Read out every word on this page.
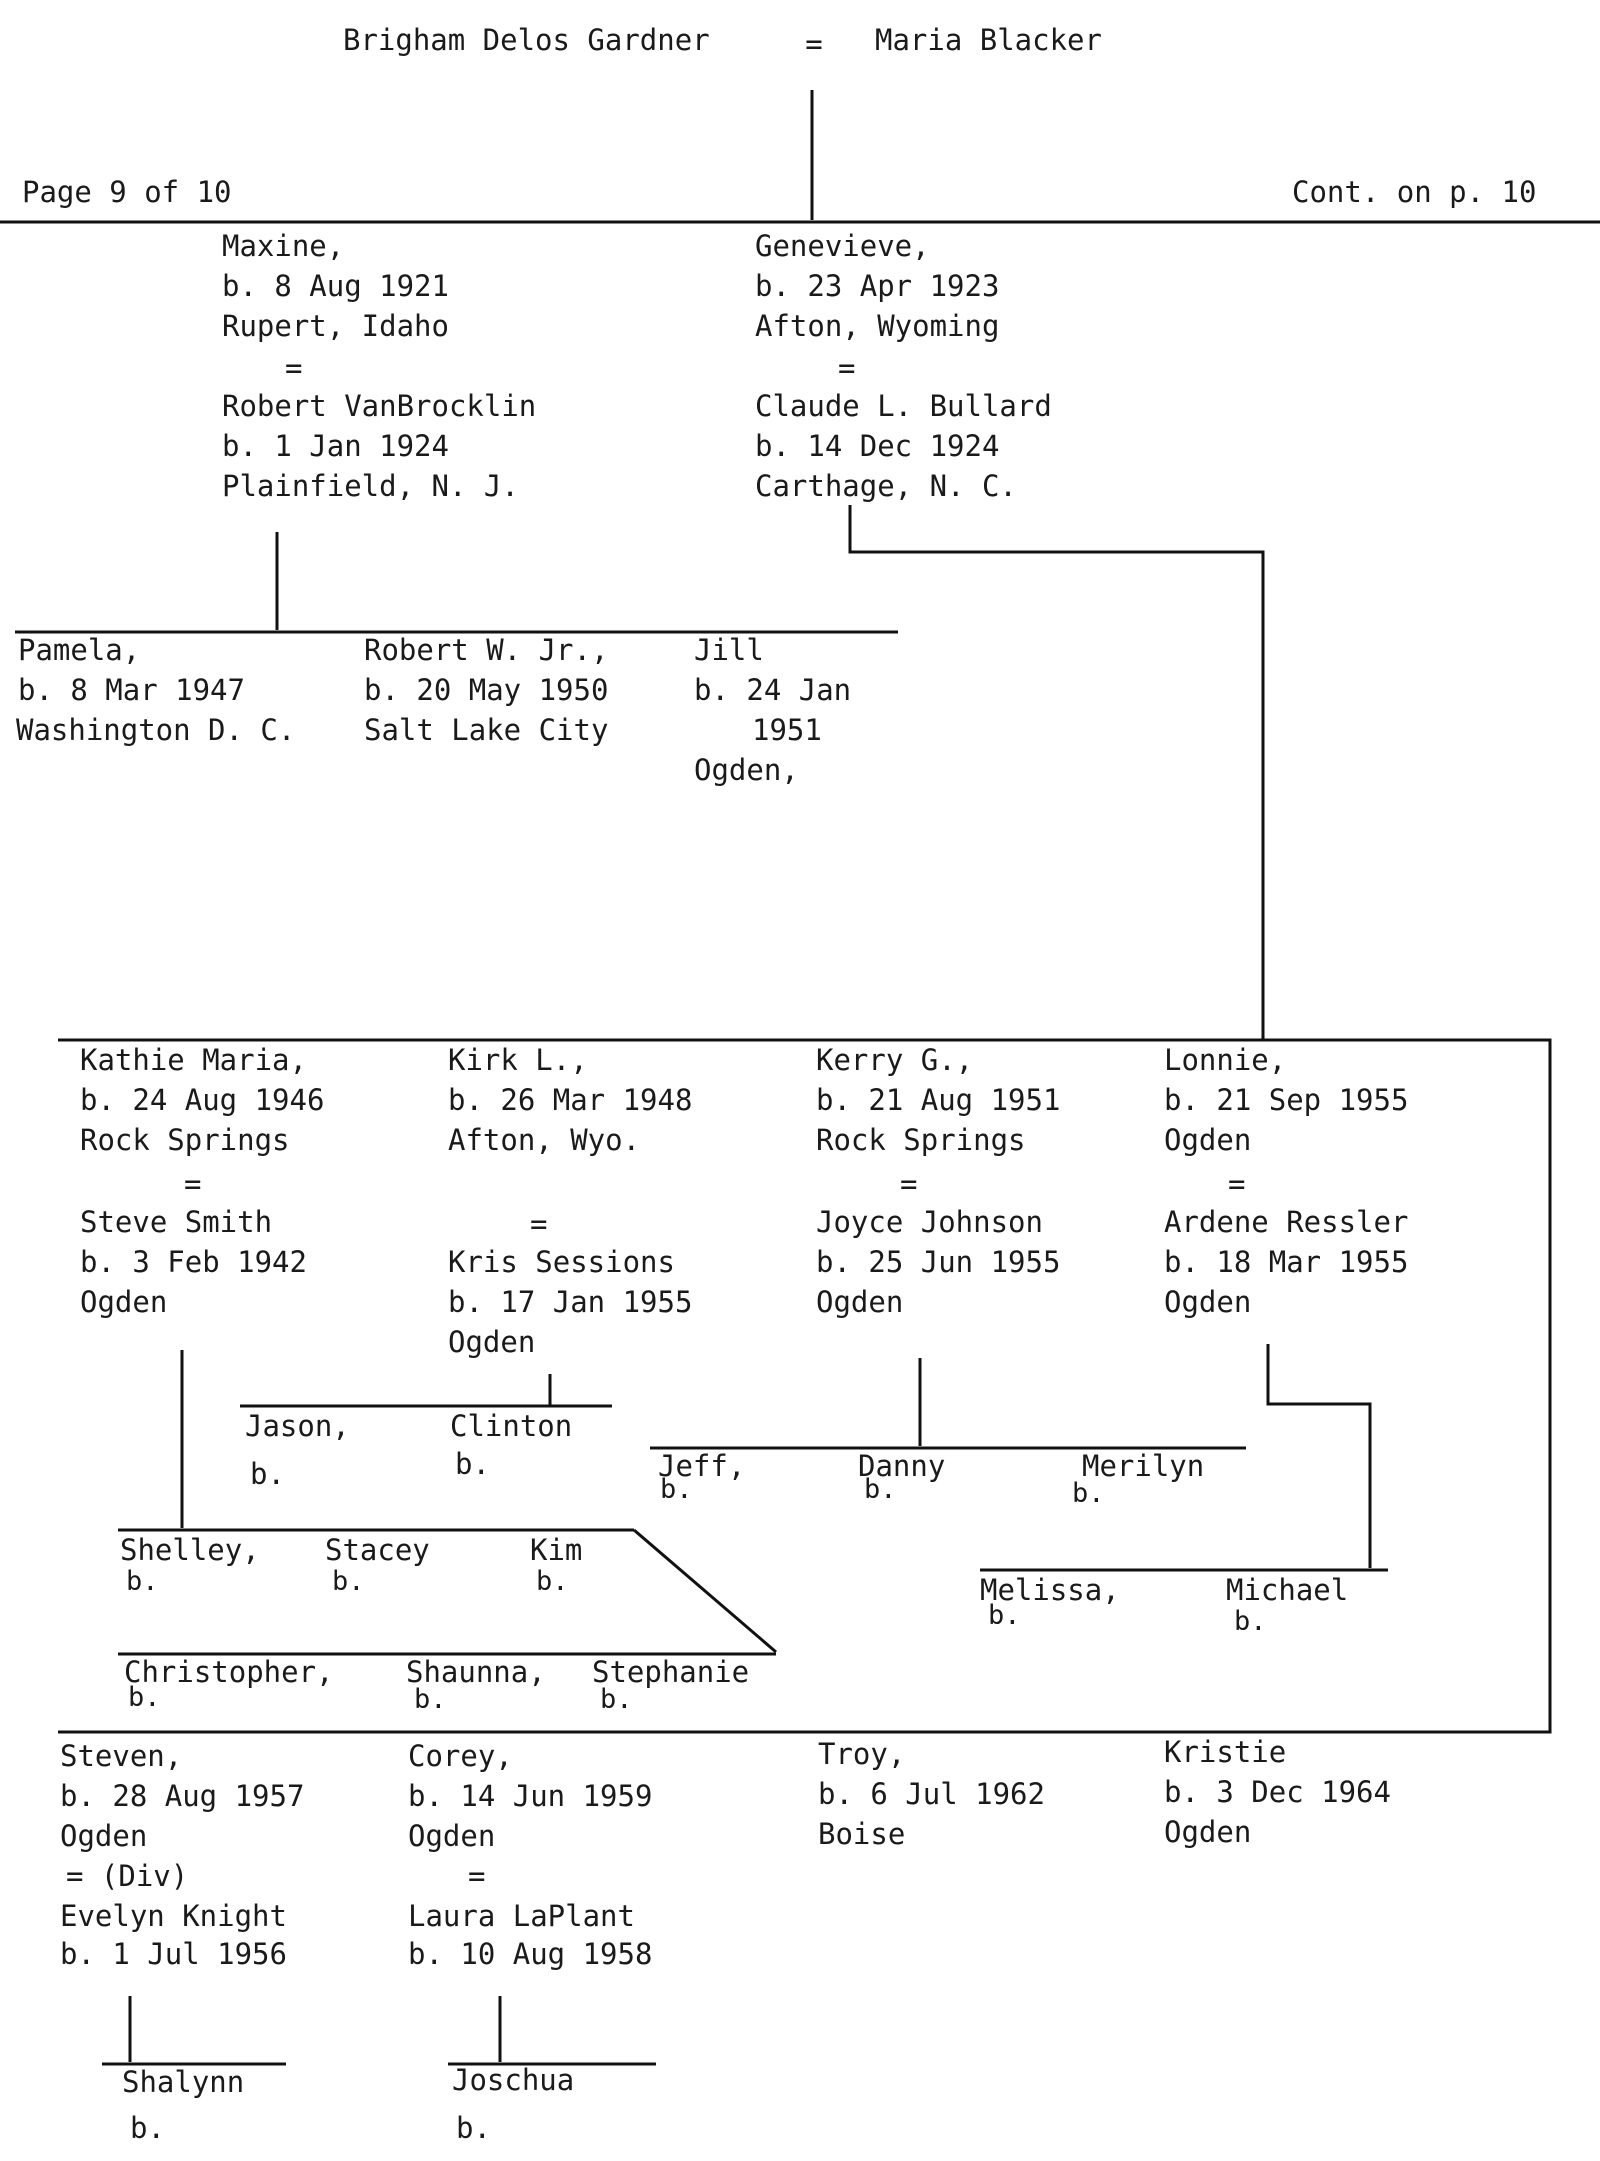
Brigham Delos Gardner	= Maria Blacker
Page 9 of 10	Cont. on p. 10
Maxine,
b. 8 Aug 1921
Rupert, Idaho
=
Robert VanBrocklin
b. 1 Jan 1924
Plainfield, N. J.
Genevieve,
b. 23 Apr 1923
Afton, Wyoming
=
Claude L. Bullard
b. 14 Dec 1924
Carthage, N. C.
Pamela,
b. 8 Mar 1947
Washington D. C.
Robert W. Jr.,
b. 20 May 1950
Salt Lake City
Jill
b. 24 Jan
1951
Ogden,
Kathie Maria,
b. 24 Aug 1946
Rock Springs
=
Steve Smith
b. 3 Feb 1942
Ogden
Kirk L.,
b. 26 Mar 1948
Afton, Wyo.
=
Kris Sessions
b. 17 Jan 1955
Ogden
Kerry G.,
b. 21 Aug 1951
Rock Springs
=
Joyce Johnson
b. 25 Jun 1955
Ogden
Lonnie,
b. 21 Sep 1955
Ogden
=
Ardene Ressler
b. 18 Mar 1955
Ogden
Jason,
b.
Clinton
b.	Jeff,
b.
Danny
b.
Merilyn
b.
Shelley,
b.
Stacey
b.
Kim
b.
Christopher,
b.
Shaunna,
b.
Stephanie
b.
Melissa,
b.
Michael
b.
Steven,
b. 28 Aug 1957
Ogden
= (Div)
Evelyn Knight
b. 1 Jul 1956
Corey,
b. 14 Jun 1959
Ogden
=
Laura LaPlant
b. 10 Aug 1958
Troy,
b. 6 Jul 1962
Boise
Kristie
b. 3 Dec 1964
Ogden
Shalynn
b.
Joschua
b.
